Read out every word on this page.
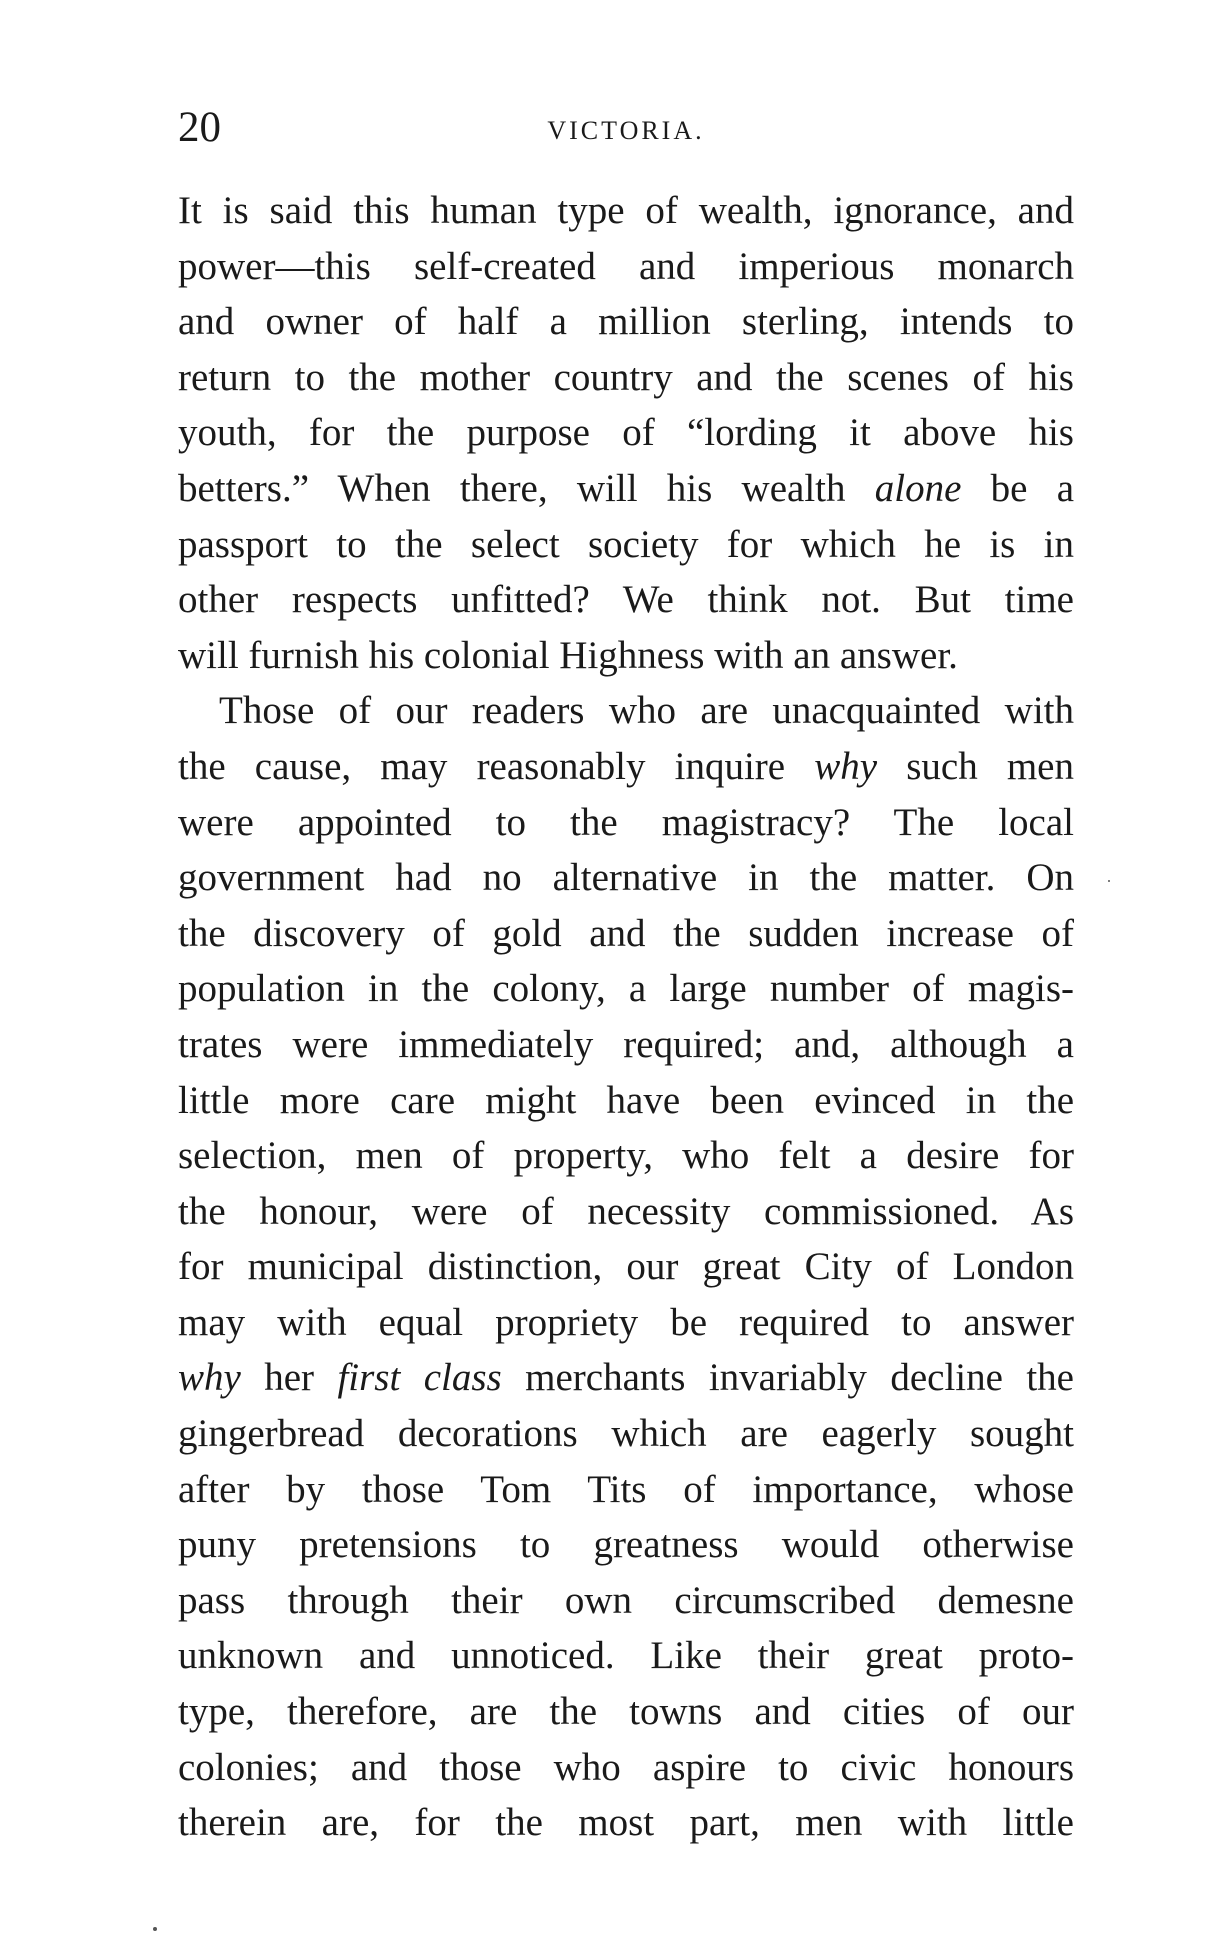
20	VICTORIA.
It is said this human type of wealth, ignorance, and
power—this self-created and imperious monarch
and owner of half a million sterling, intends to
return to the mother country and the scenes of his
youth, for the purpose of “lording it above his
betters.” When there, will his wealth alone be a
passport to the select society for which he is in
other respects unfitted? We think not. But time
will furnish his colonial Highness with an answer.
Those of our readers who are unacquainted with
the cause, may reasonably inquire why such men
were appointed to the magistracy? The local
government had no alternative in the matter. On
the discovery of gold and the sudden increase of
population in the colony, a large number of magis-
trates were immediately required; and, although a
little more care might have been evinced in the
selection, men of property, who felt a desire for
the honour, were of necessity commissioned. As
for municipal distinction, our great City of London
may with equal propriety be required to answer
why her first class merchants invariably decline the
gingerbread decorations which are eagerly sought
after by those Tom Tits of importance, whose
puny pretensions to greatness would otherwise
pass through their own circumscribed demesne
unknown and unnoticed. Like their great proto-
type, therefore, are the towns and cities of our
colonies; and those who aspire to civic honours
therein are, for the most part, men with little
